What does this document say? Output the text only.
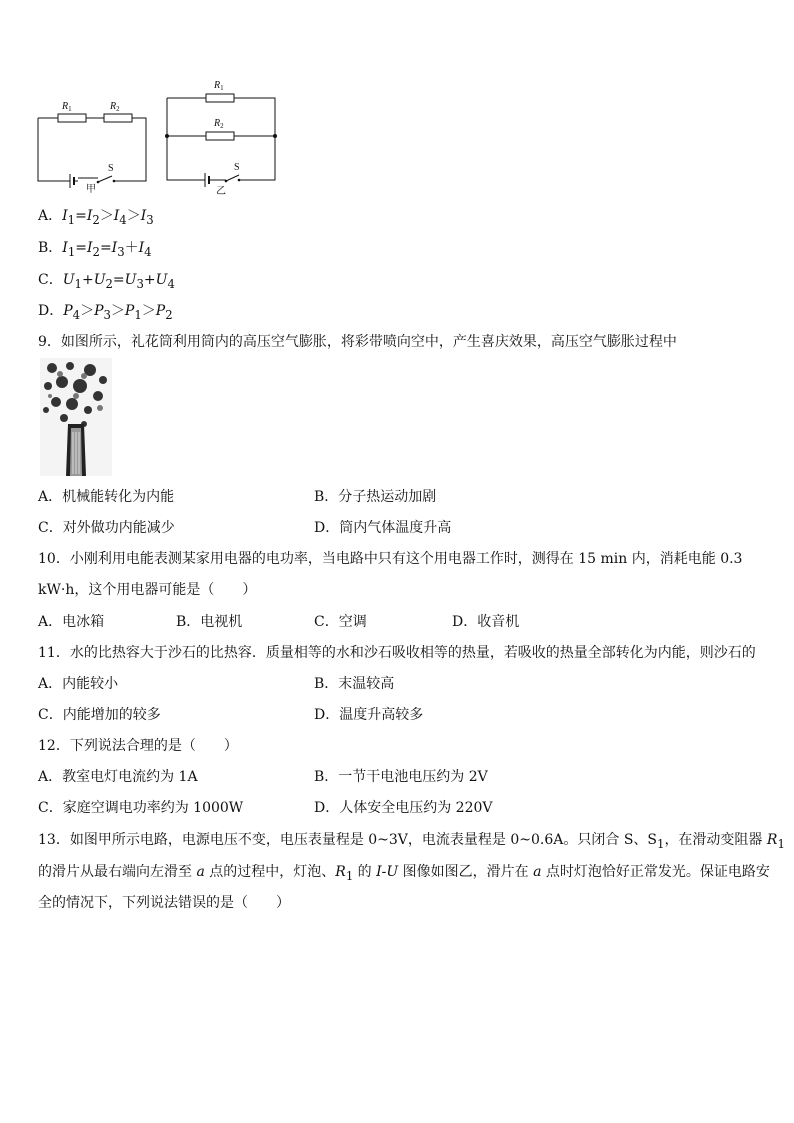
$R_1$	$R_2$
S
甲
$R_1$
$R_2$
S
乙
A．$I_1=I_2>I_4>I_3$
B．$I_1=I_2=I_3+I_4$
C．$U_1+U_2=U_3+U_4$
D．$P_4>P_3>P_1>P_2$
9．如图所示，礼花筒利用筒内的高压空气膨胀，将彩带喷向空中，产生喜庆效果，高压空气膨胀过程中
A．机械能转化为内能	B．分子热运动加剧
C．对外做功内能减少	D．筒内气体温度升高
10．小刚利用电能表测某家用电器的电功率，当电路中只有这个用电器工作时，测得在 15 min 内，消耗电能 0.3
kW·h，这个用电器可能是（　　）
A．电冰箱	B．电视机	C．空调	D．收音机
11．水的比热容大于沙石的比热容．质量相等的水和沙石吸收相等的热量，若吸收的热量全部转化为内能，则沙石的
A．内能较小	B．末温较高
C．内能增加的较多	D．温度升高较多
12．下列说法合理的是（　　）
A．教室电灯电流约为 1A	B．一节干电池电压约为 2V
C．家庭空调电功率约为 1000W	D．人体安全电压约为 220V
13．如图甲所示电路，电源电压不变，电压表量程是 0~3V，电流表量程是 0~0.6A。只闭合 S、$S_1$，在滑动变阻器 $R_1$
的滑片从最右端向左滑至 a 点的过程中，灯泡、$R_1$ 的 I-U 图像如图乙，滑片在 a 点时灯泡恰好正常发光。保证电路安
全的情况下，下列说法错误的是（　　）
